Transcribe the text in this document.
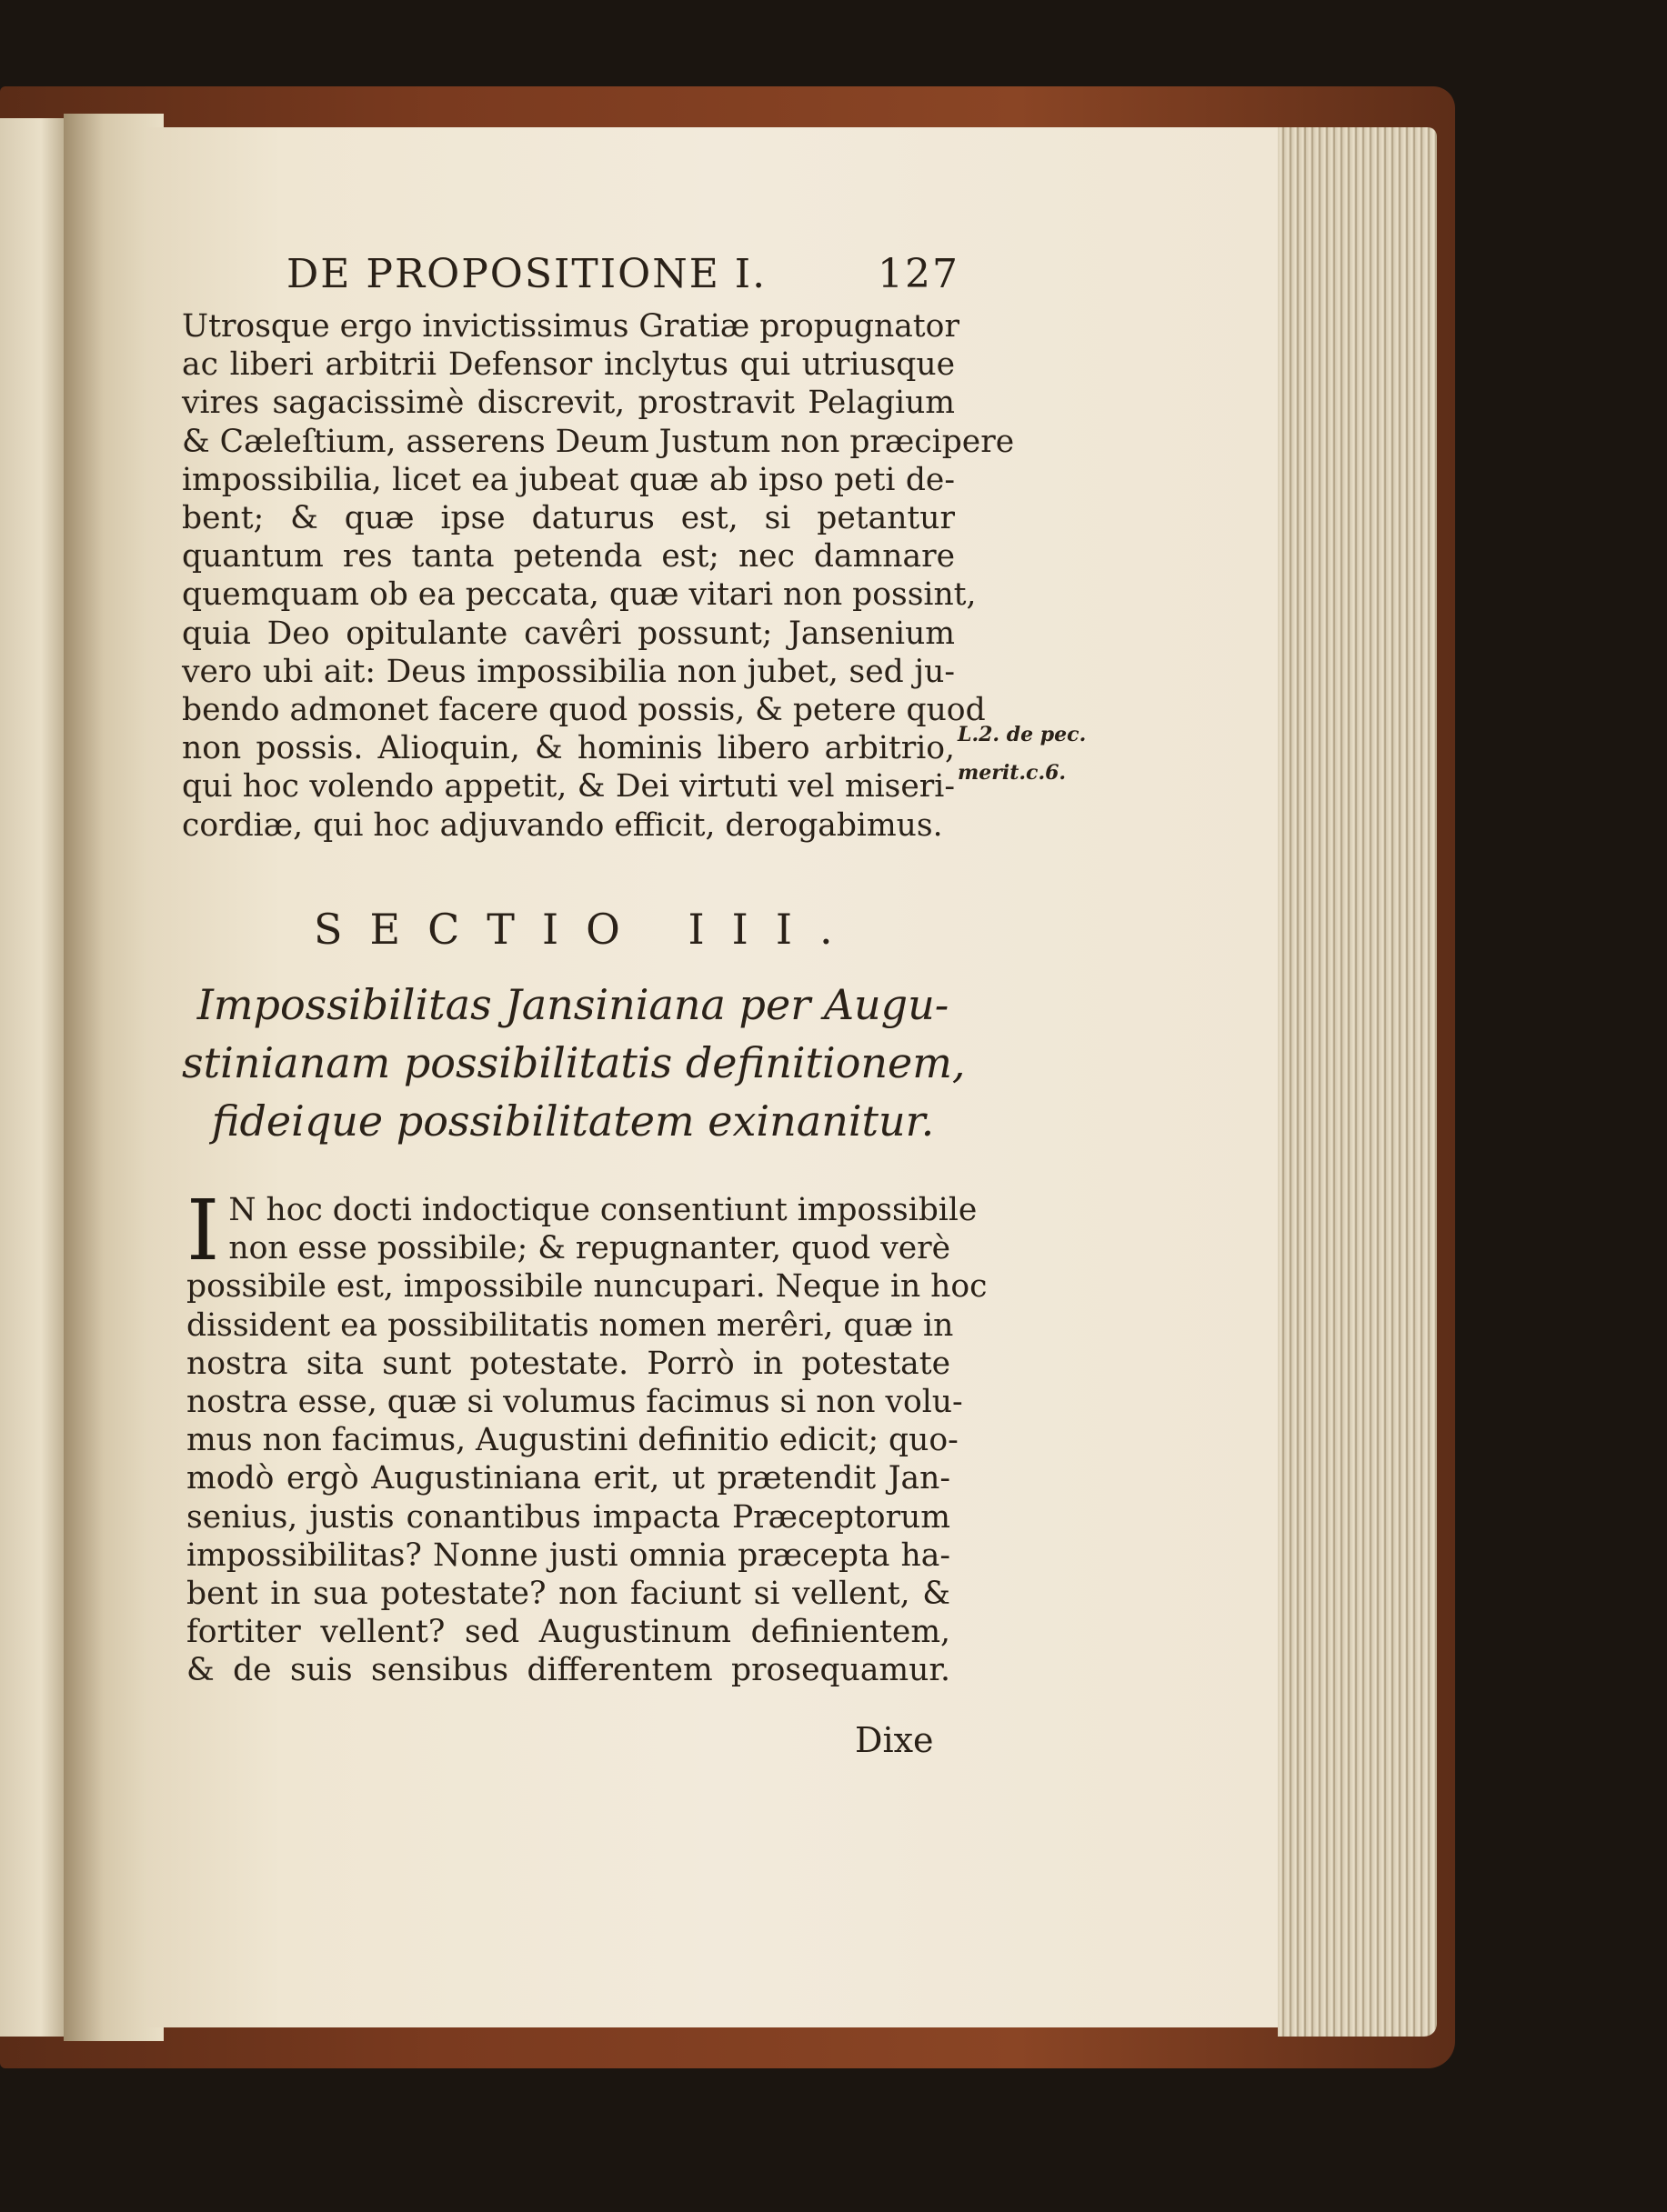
DE PROPOSITIONE I.	127
Utrosque ergo invictissimus Gratiæ propugnator
ac liberi arbitrii Defensor inclytus qui utriusque
vires sagacissimè discrevit, prostravit Pelagium
& Cæleſtium, asserens Deum Justum non præcipere
impossibilia, licet ea jubeat quæ ab ipso peti de-
bent; & quæ ipse daturus est, si petantur
quantum res tanta petenda est; nec damnare
quemquam ob ea peccata, quæ vitari non possint,
quia Deo opitulante cavêri possunt; Jansenium
vero ubi ait: Deus impossibilia non jubet, sed ju-
bendo admonet facere quod possis, & petere quod
non possis. Alioquin, & hominis libero arbitrio,
qui hoc volendo appetit, & Dei virtuti vel miseri-
cordiæ, qui hoc adjuvando efficit, derogabimus.
L.2. de pec.
merit.c.6.
SECTIO III.
Impossibilitas Jansiniana per Augu-
stinianam possibilitatis definitionem,
fideique possibilitatem exinanitur.
I N hoc docti indoctique consentiunt impossibile
non esse possibile; & repugnanter, quod verè
possibile est, impossibile nuncupari. Neque in hoc
dissident ea possibilitatis nomen merêri, quæ in
nostra sita sunt potestate. Porrò in potestate
nostra esse, quæ si volumus facimus si non volu-
mus non facimus, Augustini definitio edicit; quo-
modò ergò Augustiniana erit, ut prætendit Jan-
senius, justis conantibus impacta Præceptorum
impossibilitas? Nonne justi omnia præcepta ha-
bent in sua potestate? non faciunt si vellent, &
fortiter vellent? sed Augustinum definientem,
& de suis sensibus differentem prosequamur.
Dixe
